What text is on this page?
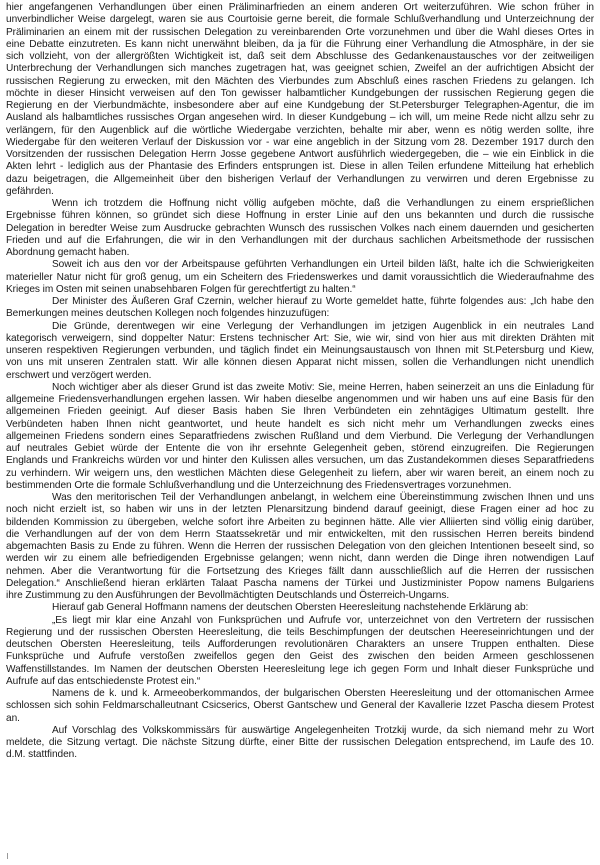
hier angefangenen Verhandlungen über einen Präliminarfrieden an einem anderen Ort weiterzuführen. Wie schon früher in
unverbindlicher Weise dargelegt, waren sie aus Courtoisie gerne bereit, die formale Schlußverhandlung und Unterzeichnung der
Präliminarien an einem mit der russischen Delegation zu vereinbarenden Orte vorzunehmen und über die Wahl dieses Ortes in
eine Debatte einzutreten. Es kann nicht unerwähnt bleiben, da ja für die Führung einer Verhandlung die Atmosphäre, in der sie
sich vollzieht, von der allergrößten Wichtigkeit ist, daß seit dem Abschlusse des Gedankenaustausches vor der zeitweiligen
Unterbrechung der Verhandlungen sich manches zugetragen hat, was geeignet schien, Zweifel an der aufrichtigen Absicht der
russischen Regierung zu erwecken, mit den Mächten des Vierbundes zum Abschluß eines raschen Friedens zu gelangen. Ich
möchte in dieser Hinsicht verweisen auf den Ton gewisser halbamtlicher Kundgebungen der russischen Regierung gegen die
Regierung en der Vierbundmächte, insbesondere aber auf eine Kundgebung der St.Petersburger Telegraphen-Agentur, die im
Ausland als halbamtliches russisches Organ angesehen wird. In dieser Kundgebung – ich will, um meine Rede nicht allzu sehr zu
verlängern, für den Augenblick auf die wörtliche Wiedergabe verzichten, behalte mir aber, wenn es nötig werden sollte, ihre
Wiedergabe für den weiteren Verlauf der Diskussion vor - war eine angeblich in der Sitzung vom 28. Dezember 1917 durch den
Vorsitzenden der russischen Delegation Herrn Josse gegebene Antwort ausführlich wiedergegeben, die – wie ein Einblick in die
Akten lehrt - lediglich aus der Phantasie des Erfinders entsprungen ist. Diese in allen Teilen erfundene Mitteilung hat erheblich
dazu beigetragen, die Allgemeinheit über den bisherigen Verlauf der Verhandlungen zu verwirren und deren Ergebnisse zu
gefährden.
Wenn ich trotzdem die Hoffnung nicht völlig aufgeben möchte, daß die Verhandlungen zu einem ersprießlichen
Ergebnisse führen können, so gründet sich diese Hoffnung in erster Linie auf den uns bekannten und durch die russische
Delegation in beredter Weise zum Ausdrucke gebrachten Wunsch des russischen Volkes nach einem dauernden und gesicherten
Frieden und auf die Erfahrungen, die wir in den Verhandlungen mit der durchaus sachlichen Arbeitsmethode der russischen
Abordnung gemacht haben.
Soweit ich aus den vor der Arbeitspause geführten Verhandlungen ein Urteil bilden läßt, halte ich die Schwierigkeiten
materieller Natur nicht für groß genug, um ein Scheitern des Friedenswerkes und damit voraussichtlich die Wiederaufnahme des
Krieges im Osten mit seinen unabsehbaren Folgen für gerechtfertigt zu halten.“
Der Minister des Äußeren Graf Czernin, welcher hierauf zu Worte gemeldet hatte, führte folgendes aus: „Ich habe den
Bemerkungen meines deutschen Kollegen noch folgendes hinzuzufügen:
Die Gründe, derentwegen wir eine Verlegung der Verhandlungen im jetzigen Augenblick in ein neutrales Land
kategorisch verweigern, sind doppelter Natur: Erstens technischer Art: Sie, wie wir, sind von hier aus mit direkten Drähten mit
unseren respektiven Regierungen verbunden, und täglich findet ein Meinungsaustausch von Ihnen mit St.Petersburg und Kiew,
von uns mit unseren Zentralen statt. Wir alle können diesen Apparat nicht missen, sollen die Verhandlungen nicht unendlich
erschwert und verzögert werden.
Noch wichtiger aber als dieser Grund ist das zweite Motiv: Sie, meine Herren, haben seinerzeit an uns die Einladung für
allgemeine Friedensverhandlungen ergehen lassen. Wir haben dieselbe angenommen und wir haben uns auf eine Basis für den
allgemeinen Frieden geeinigt. Auf dieser Basis haben Sie Ihren Verbündeten ein zehntägiges Ultimatum gestellt. Ihre
Verbündeten haben Ihnen nicht geantwortet, und heute handelt es sich nicht mehr um Verhandlungen zwecks eines
allgemeinen Friedens sondern eines Separatfriedens zwischen Rußland und dem Vierbund. Die Verlegung der Verhandlungen
auf neutrales Gebiet würde der Entente die von ihr ersehnte Gelegenheit geben, störend einzugreifen. Die Regierungen
Englands und Frankreichs würden vor und hinter den Kulissen alles versuchen, um das Zustandekommen dieses Separatfriedens
zu verhindern. Wir weigern uns, den westlichen Mächten diese Gelegenheit zu liefern, aber wir waren bereit, an einem noch zu
bestimmenden Orte die formale Schlußverhandlung und die Unterzeichnung des Friedensvertrages vorzunehmen.
Was den meritorischen Teil der Verhandlungen anbelangt, in welchem eine Übereinstimmung zwischen Ihnen und uns
noch nicht erzielt ist, so haben wir uns in der letzten Plenarsitzung bindend darauf geeinigt, diese Fragen einer ad hoc zu
bildenden Kommission zu übergeben, welche sofort ihre Arbeiten zu beginnen hätte. Alle vier Alliierten sind völlig einig darüber,
die Verhandlungen auf der von dem Herrn Staatssekretär und mir entwickelten, mit den russischen Herren bereits bindend
abgemachten Basis zu Ende zu führen. Wenn die Herren der russischen Delegation von den gleichen Intentionen beseelt sind, so
werden wir zu einem alle befriedigenden Ergebnisse gelangen; wenn nicht, dann werden die Dinge ihren notwendigen Lauf
nehmen. Aber die Verantwortung für die Fortsetzung des Krieges fällt dann ausschließlich auf die Herren der russischen
Delegation.“ Anschließend hieran erklärten Talaat Pascha namens der Türkei und Justizminister Popow namens Bulgariens
ihre Zustimmung zu den Ausführungen der Bevollmächtigten Deutschlands und Österreich-Ungarns.
Hierauf gab General Hoffmann namens der deutschen Obersten Heeresleitung nachstehende Erklärung ab:
„Es liegt mir klar eine Anzahl von Funksprüchen und Aufrufe vor, unterzeichnet von den Vertretern der russischen
Regierung und der russischen Obersten Heeresleitung, die teils Beschimpfungen der deutschen Heereseinrichtungen und der
deutschen Obersten Heeresleitung, teils Aufforderungen revolutionären Charakters an unsere Truppen enthalten. Diese
Funksprüche und Aufrufe verstoßen zweifellos gegen den Geist des zwischen den beiden Armeen geschlossenen
Waffenstillstandes. Im Namen der deutschen Obersten Heeresleitung lege ich gegen Form und Inhalt dieser Funksprüche und
Aufrufe auf das entschiedenste Protest ein.“
Namens de k. und k. Armeeoberkommandos, der bulgarischen Obersten Heeresleitung und der ottomanischen Armee
schlossen sich sohin Feldmarschalleutnant Csicserics, Oberst Gantschew und General der Kavallerie Izzet Pascha diesem Protest
an.
Auf Vorschlag des Volkskommissärs für auswärtige Angelegenheiten Trotzkij wurde, da sich niemand mehr zu Wort
meldete, die Sitzung vertagt. Die nächste Sitzung dürfte, einer Bitte der russischen Delegation entsprechend, im Laufe des 10.
d.M. stattfinden.
